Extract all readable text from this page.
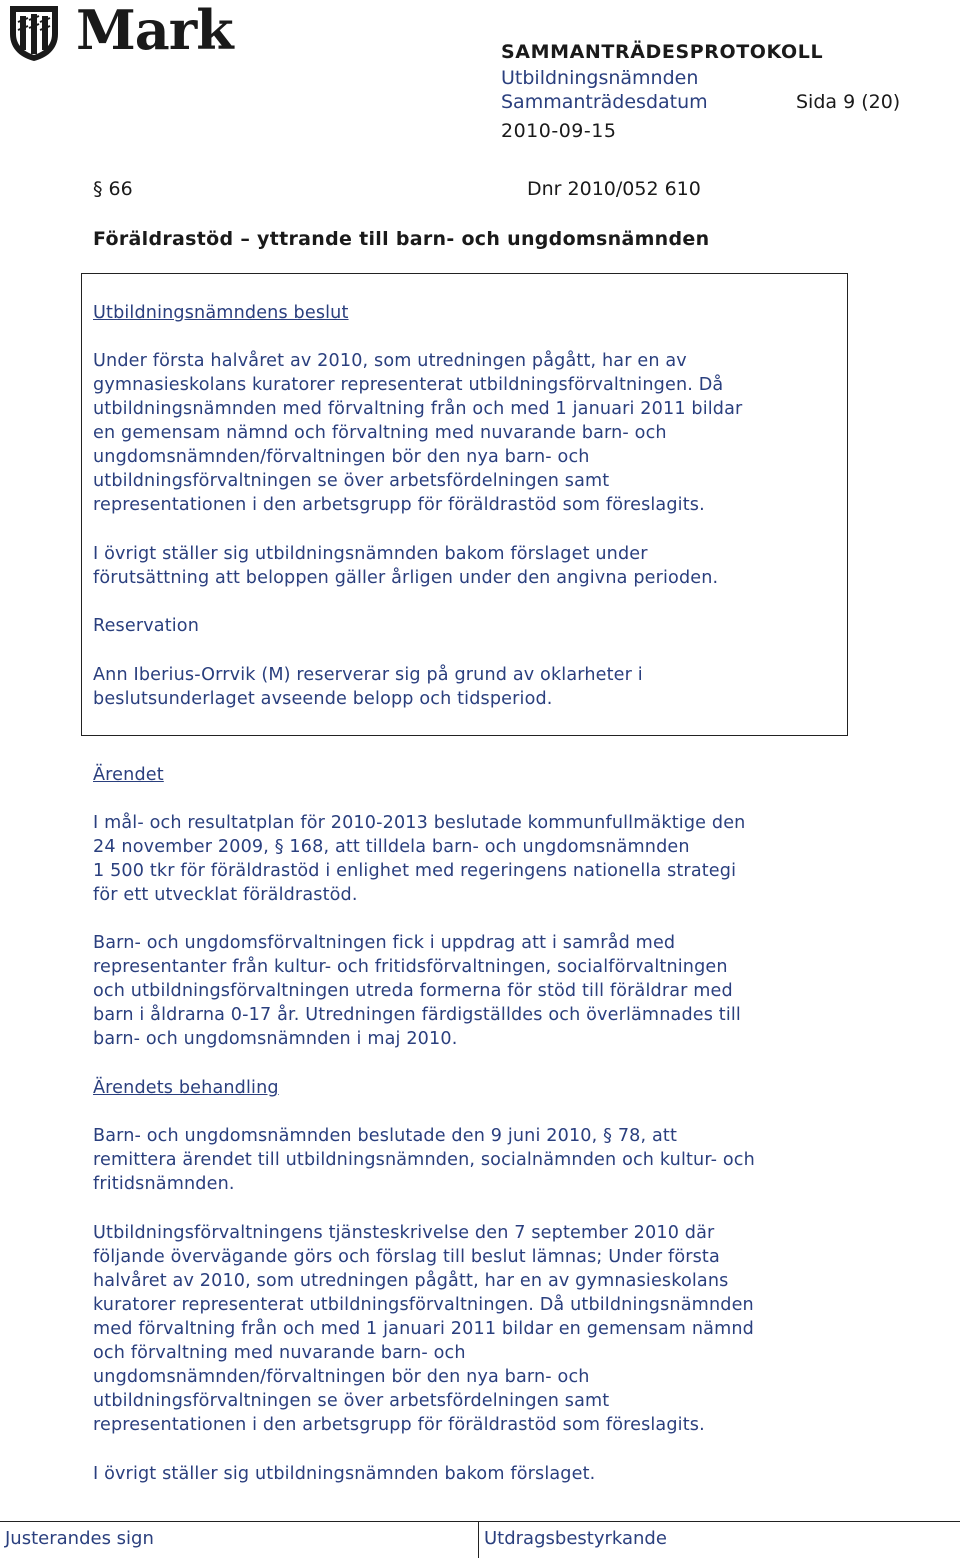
Mark	SAMMANTRÄDESPROTOKOLL
Utbildningsnämnden
Sammanträdesdatum	Sida 9 (20)
2010-09-15
§ 66	Dnr 2010/052 610
Föräldrastöd – yttrande till barn- och ungdomsnämnden
Utbildningsnämndens beslut
Under första halvåret av 2010, som utredningen pågått, har en av
gymnasieskolans kuratorer representerat utbildningsförvaltningen. Då
utbildningsnämnden med förvaltning från och med 1 januari 2011 bildar
en gemensam nämnd och förvaltning med nuvarande barn- och
ungdomsnämnden/förvaltningen bör den nya barn- och
utbildningsförvaltningen se över arbetsfördelningen samt
representationen i den arbetsgrupp för föräldrastöd som föreslagits.
I övrigt ställer sig utbildningsnämnden bakom förslaget under
förutsättning att beloppen gäller årligen under den angivna perioden.
Reservation
Ann Iberius-Orrvik (M) reserverar sig på grund av oklarheter i
beslutsunderlaget avseende belopp och tidsperiod.
Ärendet
I mål- och resultatplan för 2010-2013 beslutade kommunfullmäktige den
24 november 2009, § 168, att tilldela barn- och ungdomsnämnden
1 500 tkr för föräldrastöd i enlighet med regeringens nationella strategi
för ett utvecklat föräldrastöd.
Barn- och ungdomsförvaltningen fick i uppdrag att i samråd med
representanter från kultur- och fritidsförvaltningen, socialförvaltningen
och utbildningsförvaltningen utreda formerna för stöd till föräldrar med
barn i åldrarna 0-17 år. Utredningen färdigställdes och överlämnades till
barn- och ungdomsnämnden i maj 2010.
Ärendets behandling
Barn- och ungdomsnämnden beslutade den 9 juni 2010, § 78, att
remittera ärendet till utbildningsnämnden, socialnämnden och kultur- och
fritidsnämnden.
Utbildningsförvaltningens tjänsteskrivelse den 7 september 2010 där
följande övervägande görs och förslag till beslut lämnas; Under första
halvåret av 2010, som utredningen pågått, har en av gymnasieskolans
kuratorer representerat utbildningsförvaltningen. Då utbildningsnämnden
med förvaltning från och med 1 januari 2011 bildar en gemensam nämnd
och förvaltning med nuvarande barn- och
ungdomsnämnden/förvaltningen bör den nya barn- och
utbildningsförvaltningen se över arbetsfördelningen samt
representationen i den arbetsgrupp för föräldrastöd som föreslagits.
I övrigt ställer sig utbildningsnämnden bakom förslaget.
Justerandes sign	Utdragsbestyrkande
